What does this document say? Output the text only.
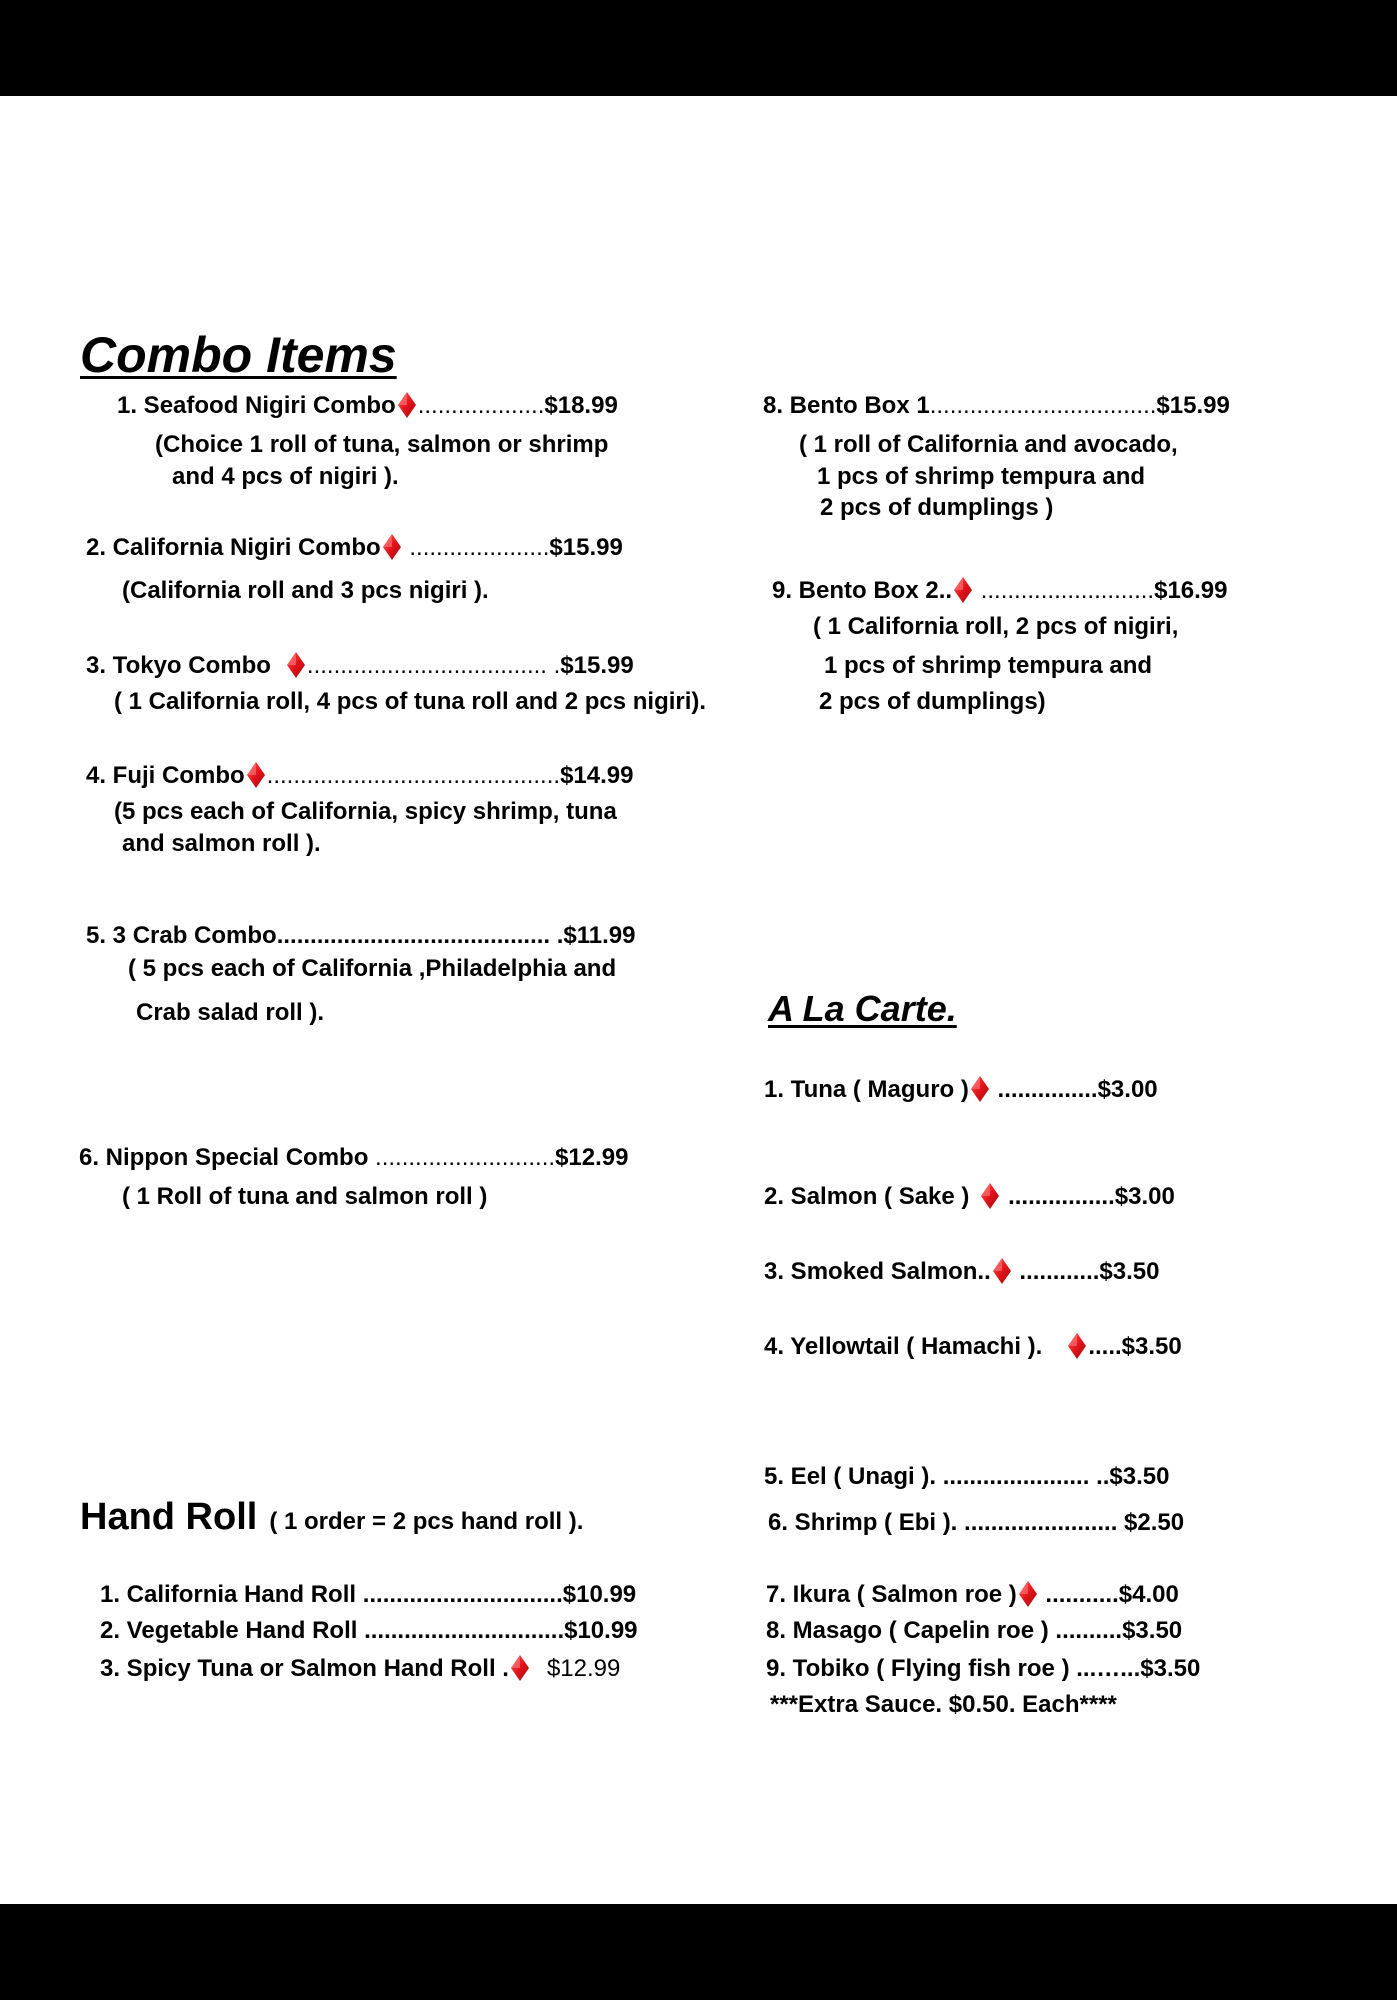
Combo Items
1. Seafood Nigiri Combo ...................$18.99
(Choice 1 roll of tuna, salmon or shrimp
and 4 pcs of nigiri ).
2. California Nigiri Combo
.....................$15.99
(California roll and 3 pcs nigiri ).
3. Tokyo Combo .................................... .$15.99
( 1 California roll, 4 pcs of tuna roll and 2 pcs nigiri).
4. Fuji Combo ............................................$14.99
(5 pcs each of California, spicy shrimp, tuna
and salmon roll ).
5. 3 Crab Combo......................................... .$11.99
( 5 pcs each of California ,Philadelphia and
Crab salad roll ).
6. Nippon Special Combo ...........................$12.99
( 1 Roll of tuna and salmon roll )
8. Bento Box 1..................................$15.99
( 1 roll of California and avocado,
1 pcs of shrimp tempura and
2 pcs of dumplings )
9. Bento Box 2..
..........................$16.99
( 1 California roll, 2 pcs of nigiri,
1 pcs of shrimp tempura and
2 pcs of dumplings)
A La Carte.
1. Tuna ( Maguro )
...............$3.00
2. Salmon ( Sake )
................$3.00
3. Smoked Salmon..
............$3.50
4. Yellowtail ( Hamachi ). .....$3.50
5. Eel ( Unagi ). ...................... ..$3.50
6. Shrimp ( Ebi ). ....................... $2.50
7. Ikura ( Salmon roe )
...........$4.00
8. Masago ( Capelin roe ) ..........$3.50
9. Tobiko ( Flying fish roe ) ...…...$3.50
***Extra Sauce. $0.50. Each****
Hand Roll ( 1 order = 2 pcs hand roll ).
1. California Hand Roll ..............................$10.99
2. Vegetable Hand Roll ..............................$10.99
3. Spicy Tuna or Salmon Hand Roll . $12.99
